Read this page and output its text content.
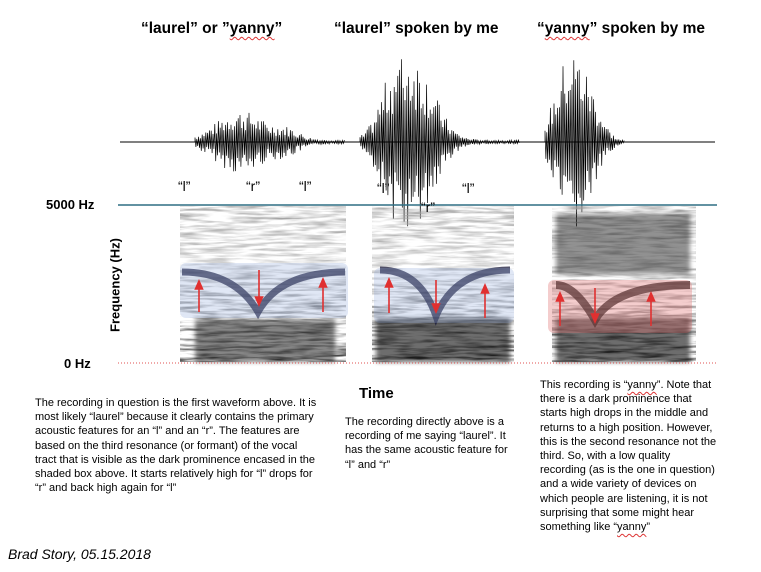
“laurel” or ”yanny”	“laurel” spoken by me “yanny” spoken by me
“l”	“r”	“l”	“l”
“r”
“l”
5000 Hz
0 Hz
Frequency (Hz)
Time
The recording in question is the first waveform above. It is most likely “laurel” because it clearly contains the primary acoustic features for an “l” and an “r”. The features are based on the third resonance (or formant) of the vocal tract that is visible as the dark prominence encased in the shaded box above. It starts relatively high for “l” drops for “r” and back high again for “l”
The recording directly above is a recording of me saying “laurel”. It has the same acoustic feature for “l” and “r”
This recording is “yanny”. Note that there is a dark prominence that starts high drops in the middle and returns to a high position. However, this is the second resonance not the third. So, with a low quality recording (as is the one in question) and a wide variety of devices on which people are listening, it is not surprising that some might hear something like “yanny”
Brad Story, 05.15.2018
